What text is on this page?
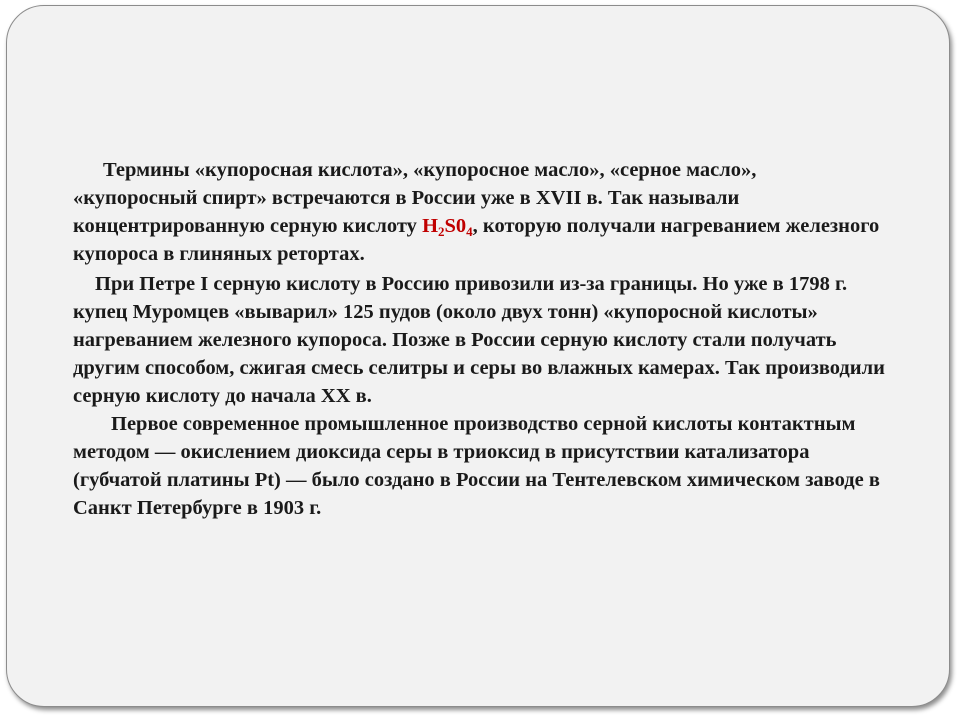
Термины «купоросная кислота», «купоросное масло», «серное масло», «купоросный спирт» встречаются в России уже в XVII в. Так называли концентрированную серную кислоту $H_2S0_4$, которую получали нагреванием железного купороса в глиняных ретортах.

При Петре I серную кислоту в Россию привозили из-за границы. Но уже в 1798 г. купец Муромцев «выварил» 125 пудов (около двух тонн) «купоросной кислоты» нагреванием железного купороса. Позже в России серную кислоту стали получать другим способом, сжигая смесь селитры и серы во влажных камерах. Так производили серную кислоту до начала XX в.

Первое современное промышленное производство серной кислоты контактным методом — окислением диоксида серы в триоксид в присутствии катализатора (губчатой платины Pt) — было создано в России на Тентелевском химическом заводе в Санкт Петербурге в 1903 г.
